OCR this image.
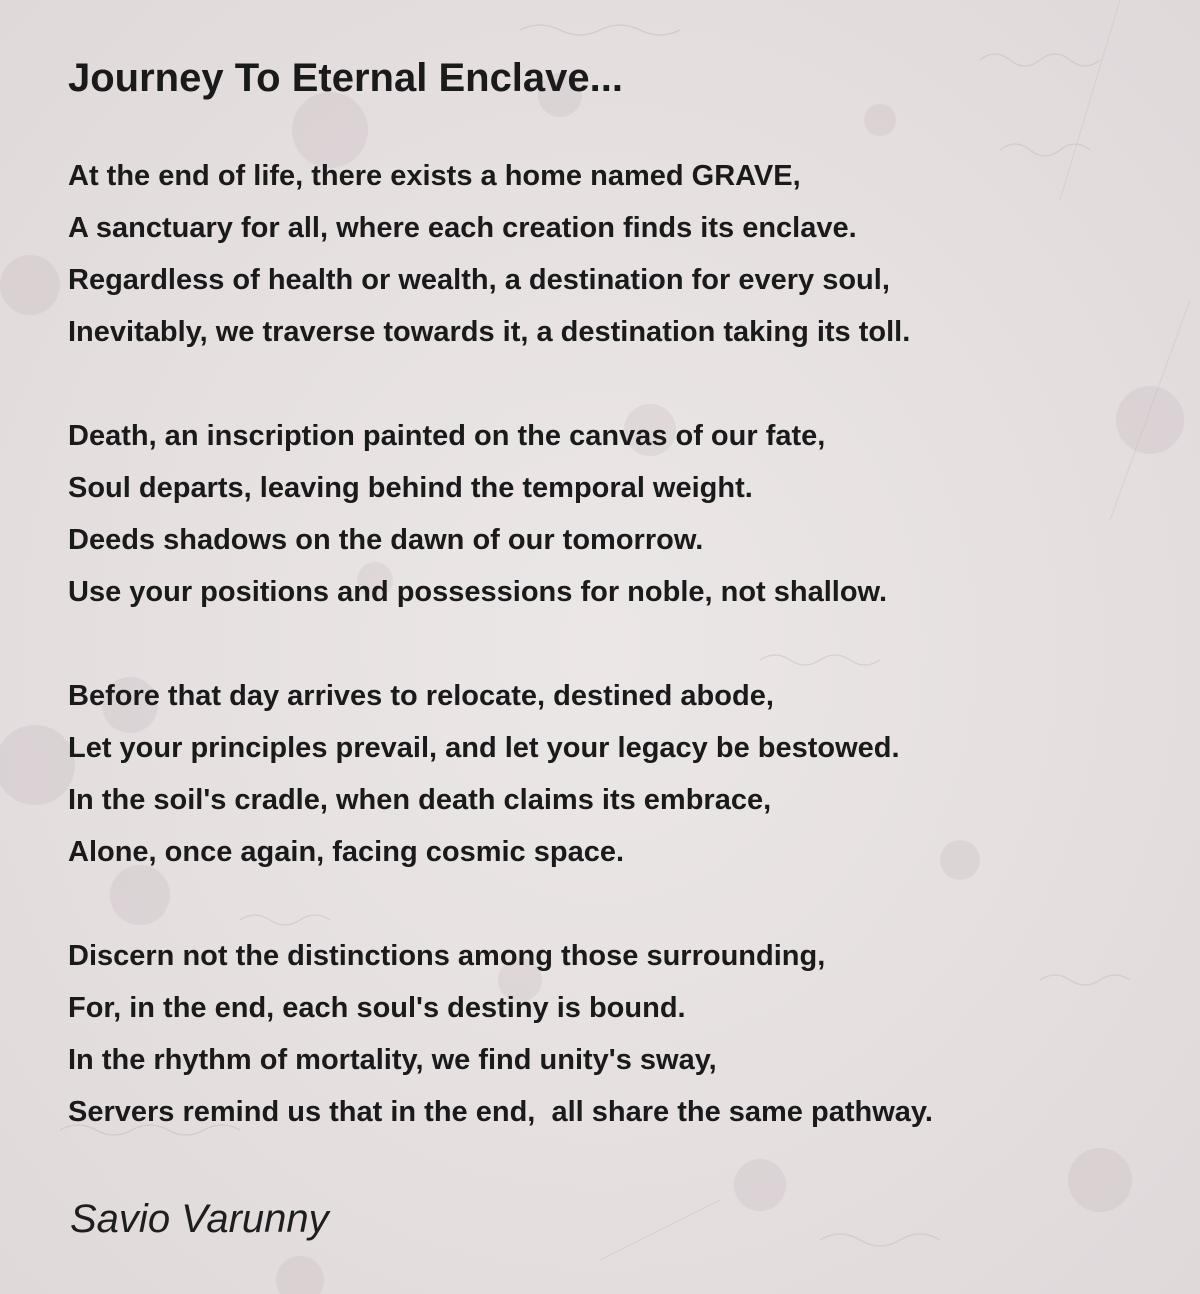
Journey To Eternal Enclave...
At the end of life, there exists a home named GRAVE,
A sanctuary for all, where each creation finds its enclave.
Regardless of health or wealth, a destination for every soul,
Inevitably, we traverse towards it, a destination taking its toll.
Death, an inscription painted on the canvas of our fate,
Soul departs, leaving behind the temporal weight.
Deeds shadows on the dawn of our tomorrow.
Use your positions and possessions for noble, not shallow.
Before that day arrives to relocate, destined abode,
Let your principles prevail, and let your legacy be bestowed.
In the soil's cradle, when death claims its embrace,
Alone, once again, facing cosmic space.
Discern not the distinctions among those surrounding,
For, in the end, each soul's destiny is bound.
In the rhythm of mortality, we find unity's sway,
Servers remind us that in the end,  all share the same pathway.
Savio Varunny
